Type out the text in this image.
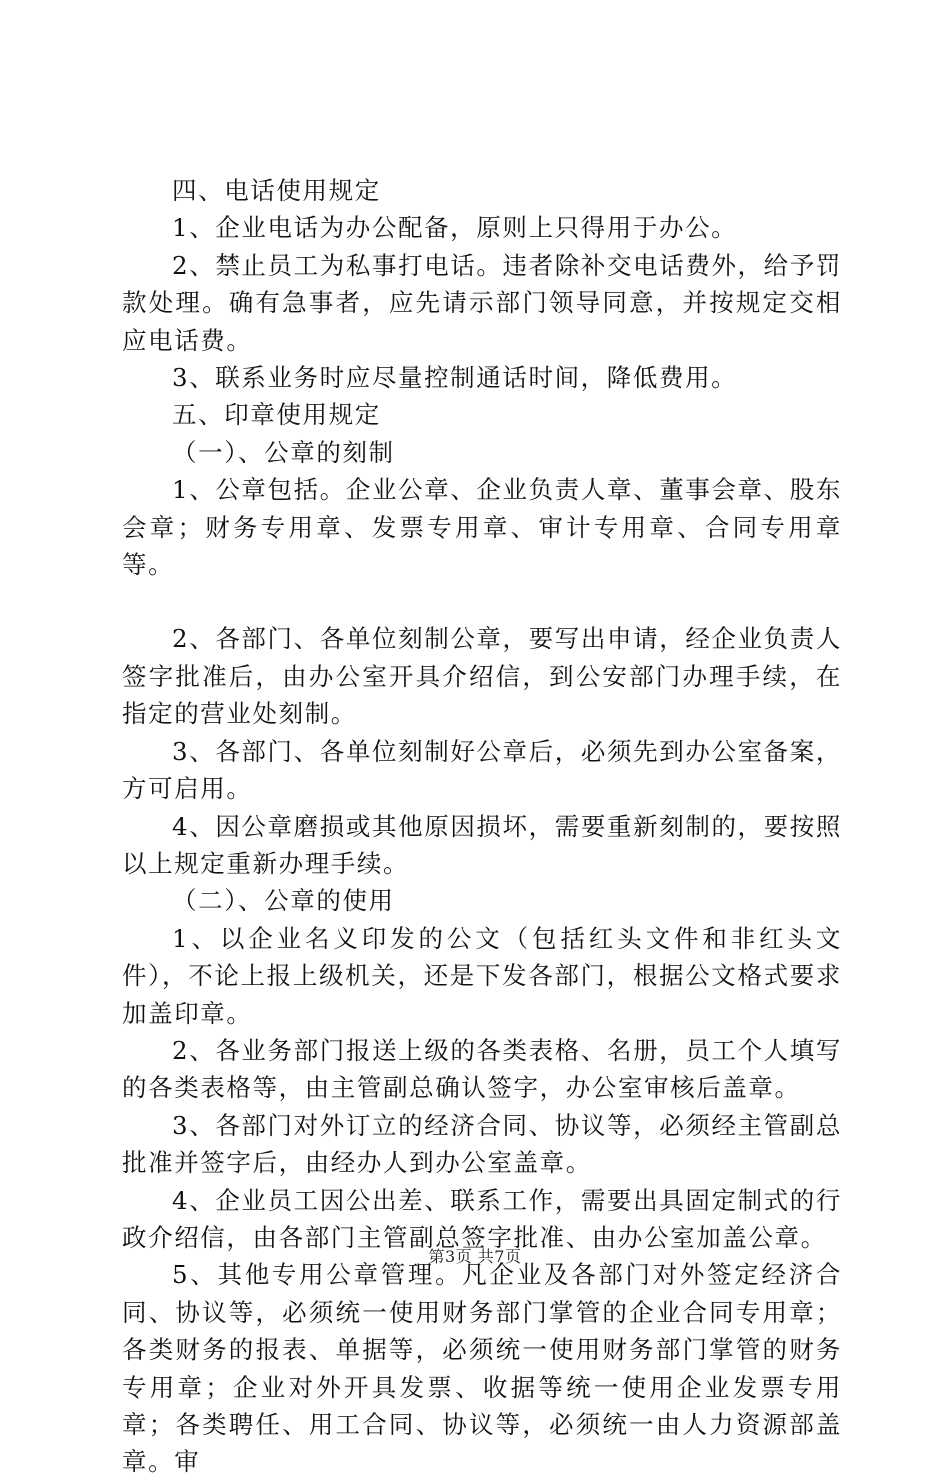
四、电话使用规定

1、企业电话为办公配备，原则上只得用于办公。

2、禁止员工为私事打电话。违者除补交电话费外，给予罚款处理。确有急事者，应先请示部门领导同意，并按规定交相应电话费。

3、联系业务时应尽量控制通话时间，降低费用。

五、印章使用规定

（一）、公章的刻制

1、公章包括。企业公章、企业负责人章、董事会章、股东会章；财务专用章、发票专用章、审计专用章、合同专用章等。

2、各部门、各单位刻制公章，要写出申请，经企业负责人签字批准后，由办公室开具介绍信，到公安部门办理手续，在指定的营业处刻制。

3、各部门、各单位刻制好公章后，必须先到办公室备案，方可启用。

4、因公章磨损或其他原因损坏，需要重新刻制的，要按照以上规定重新办理手续。

（二）、公章的使用

1、以企业名义印发的公文（包括红头文件和非红头文件），不论上报上级机关，还是下发各部门，根据公文格式要求加盖印章。

2、各业务部门报送上级的各类表格、名册，员工个人填写的各类表格等，由主管副总确认签字，办公室审核后盖章。

3、各部门对外订立的经济合同、协议等，必须经主管副总批准并签字后，由经办人到办公室盖章。

4、企业员工因公出差、联系工作，需要出具固定制式的行政介绍信，由各部门主管副总签字批准、由办公室加盖公章。

5、其他专用公章管理。凡企业及各部门对外签定经济合同、协议等，必须统一使用财务部门掌管的企业合同专用章；各类财务的报表、单据等，必须统一使用财务部门掌管的财务专用章；企业对外开具发票、收据等统一使用企业发票专用章；各类聘任、用工合同、协议等，必须统一由人力资源部盖章。审

第3页 共7页
